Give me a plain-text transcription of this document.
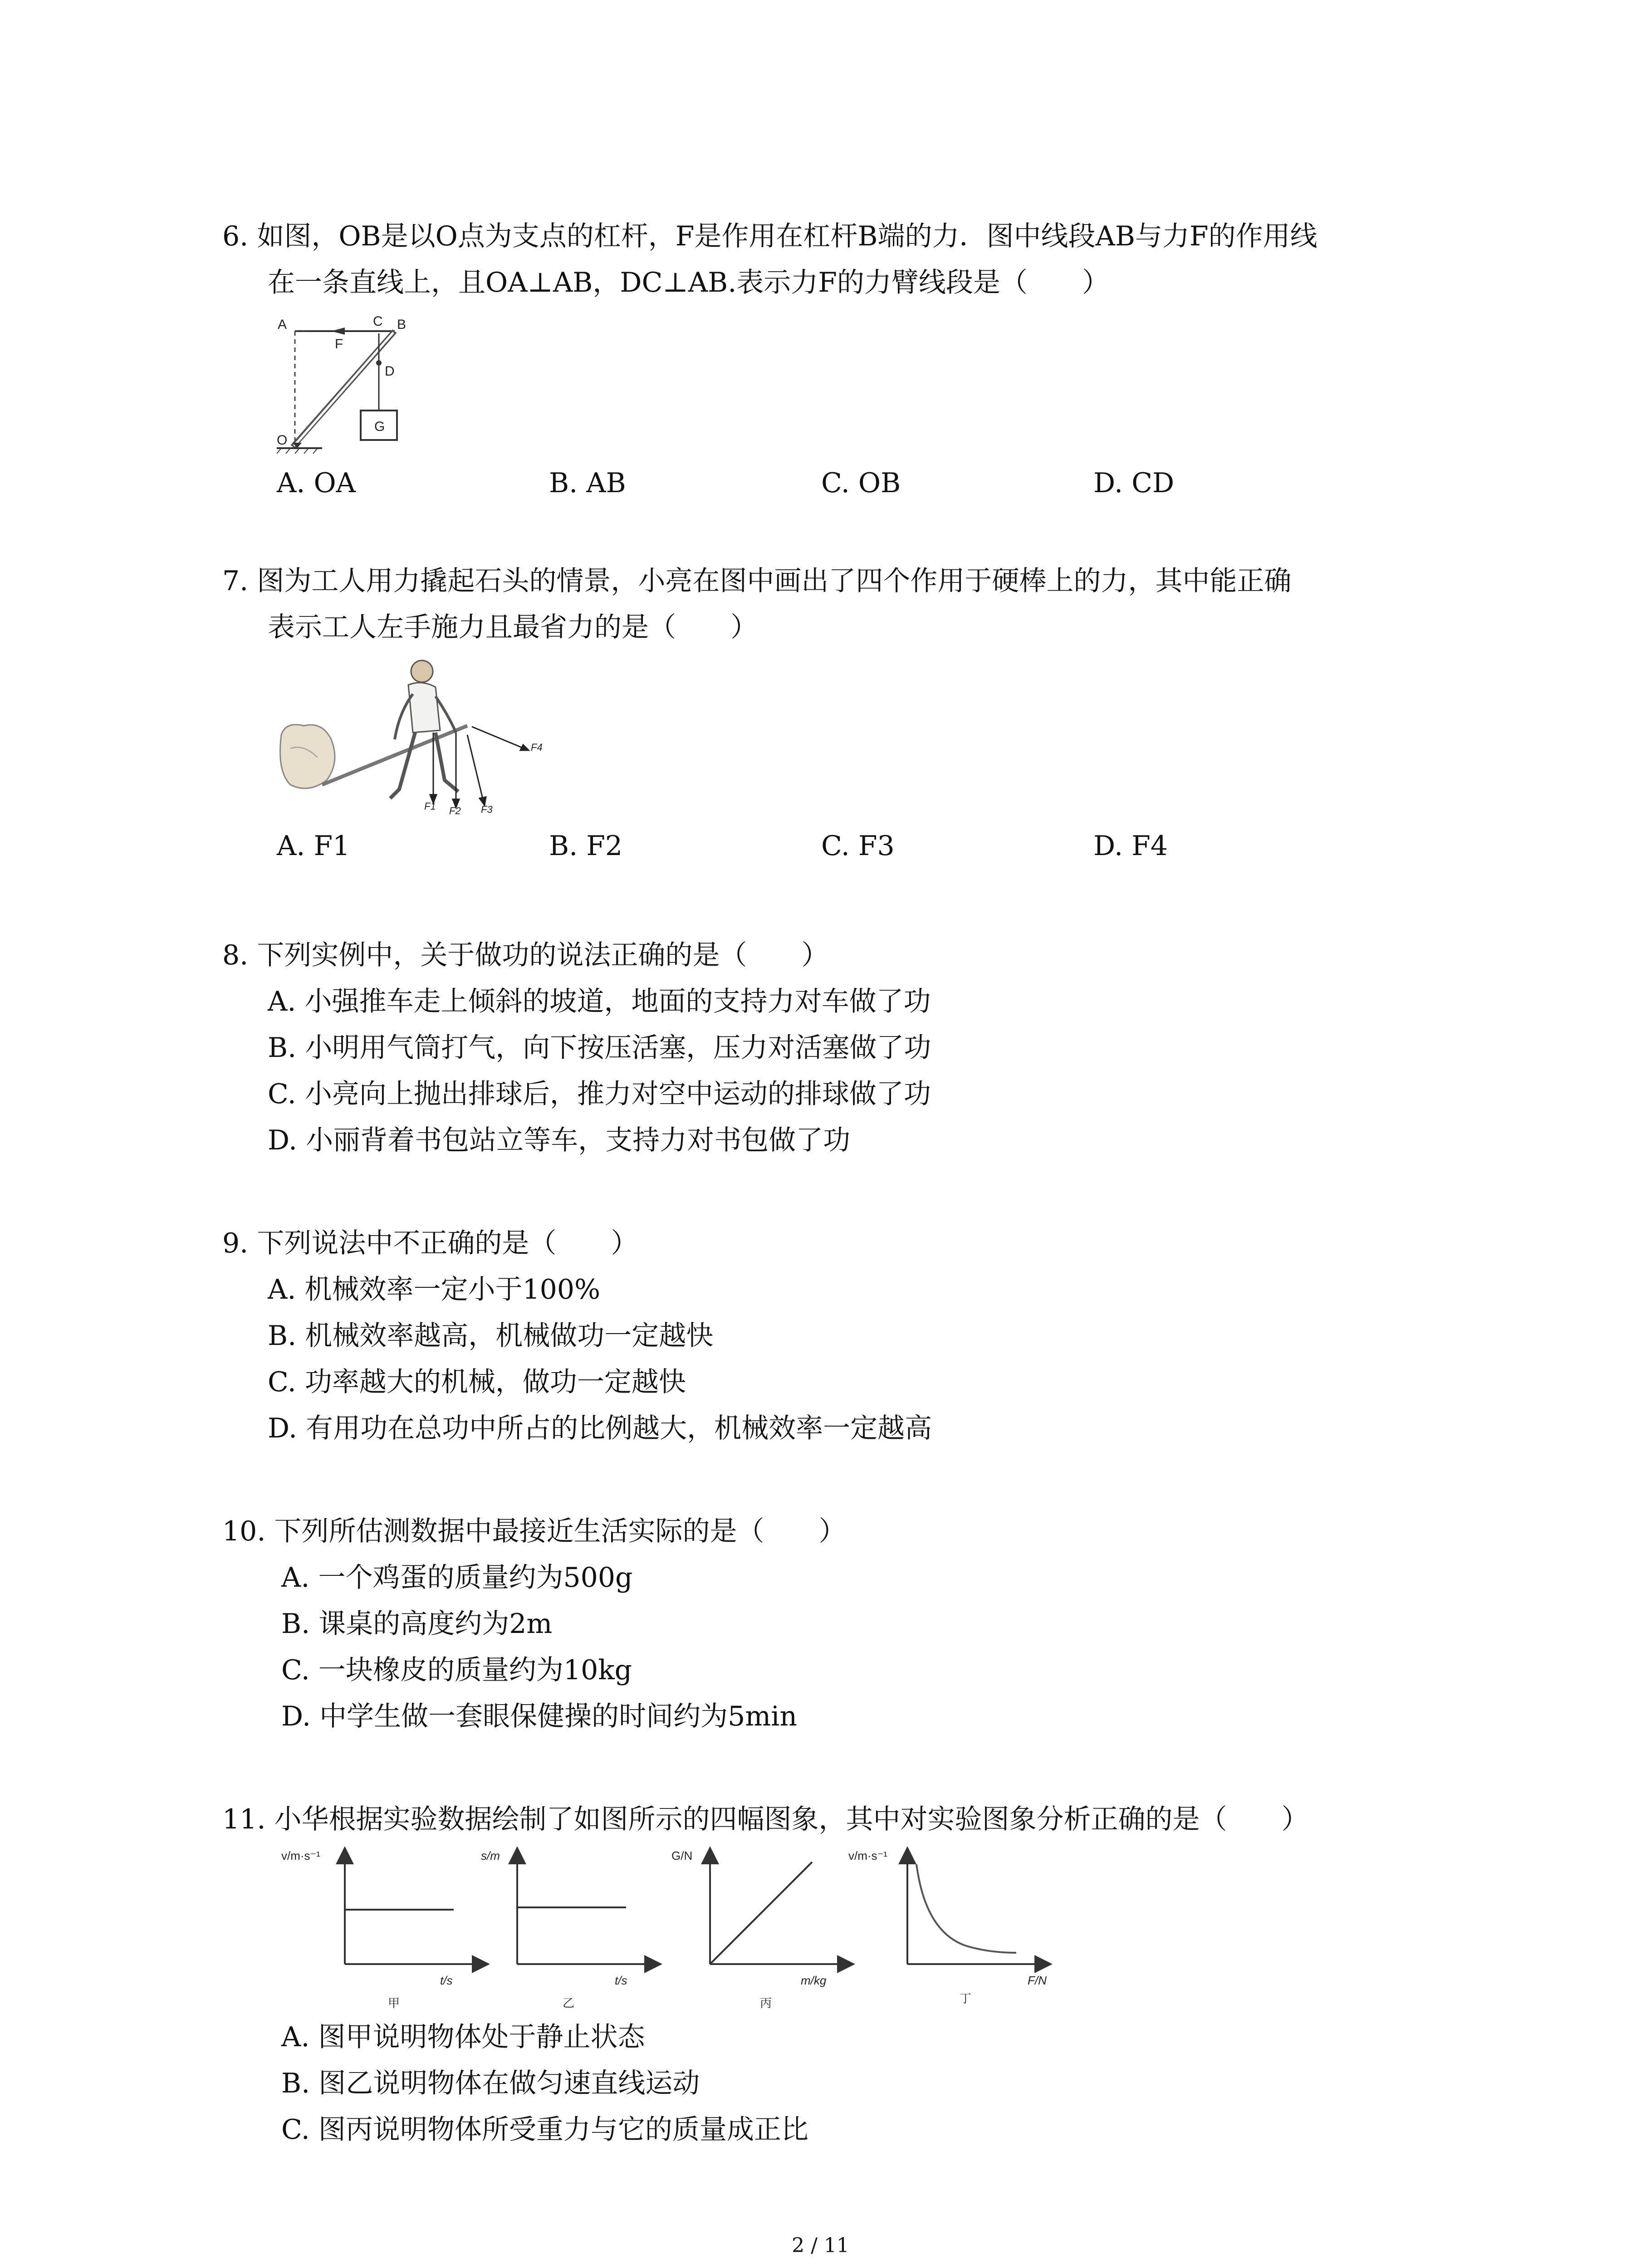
6. 如图，OB是以O点为支点的杠杆，F是作用在杠杆B端的力．图中线段AB与力F的作用线
在一条直线上，且OA⊥AB，DC⊥AB.表示力F的力臂线段是（　　）
A	B
C
D
O
F
G
A. OA	B. AB	C. OB	D. CD
7. 图为工人用力撬起石头的情景，小亮在图中画出了四个作用于硬棒上的力，其中能正确
表示工人左手施力且最省力的是（　　）
F1 F2 F3
F4
A. F1	B. F2	C. F3	D. F4
8. 下列实例中，关于做功的说法正确的是（　　）
A. 小强推车走上倾斜的坡道，地面的支持力对车做了功
B. 小明用气筒打气，向下按压活塞，压力对活塞做了功
C. 小亮向上抛出排球后，推力对空中运动的排球做了功
D. 小丽背着书包站立等车，支持力对书包做了功
9. 下列说法中不正确的是（　　）
A. 机械效率一定小于100%
B. 机械效率越高，机械做功一定越快
C. 功率越大的机械，做功一定越快
D. 有用功在总功中所占的比例越大，机械效率一定越高
10. 下列所估测数据中最接近生活实际的是（　　）
A. 一个鸡蛋的质量约为500g
B. 课桌的高度约为2m
C. 一块橡皮的质量约为10kg
D. 中学生做一套眼保健操的时间约为5min
11. 小华根据实验数据绘制了如图所示的四幅图象，其中对实验图象分析正确的是（　　）
v/m·s⁻¹
t/s
甲
s/m
t/s
乙
G/N
m/kg
丙
v/m·s⁻¹
F/N
丁
A. 图甲说明物体处于静止状态
B. 图乙说明物体在做匀速直线运动
C. 图丙说明物体所受重力与它的质量成正比
2 / 11
